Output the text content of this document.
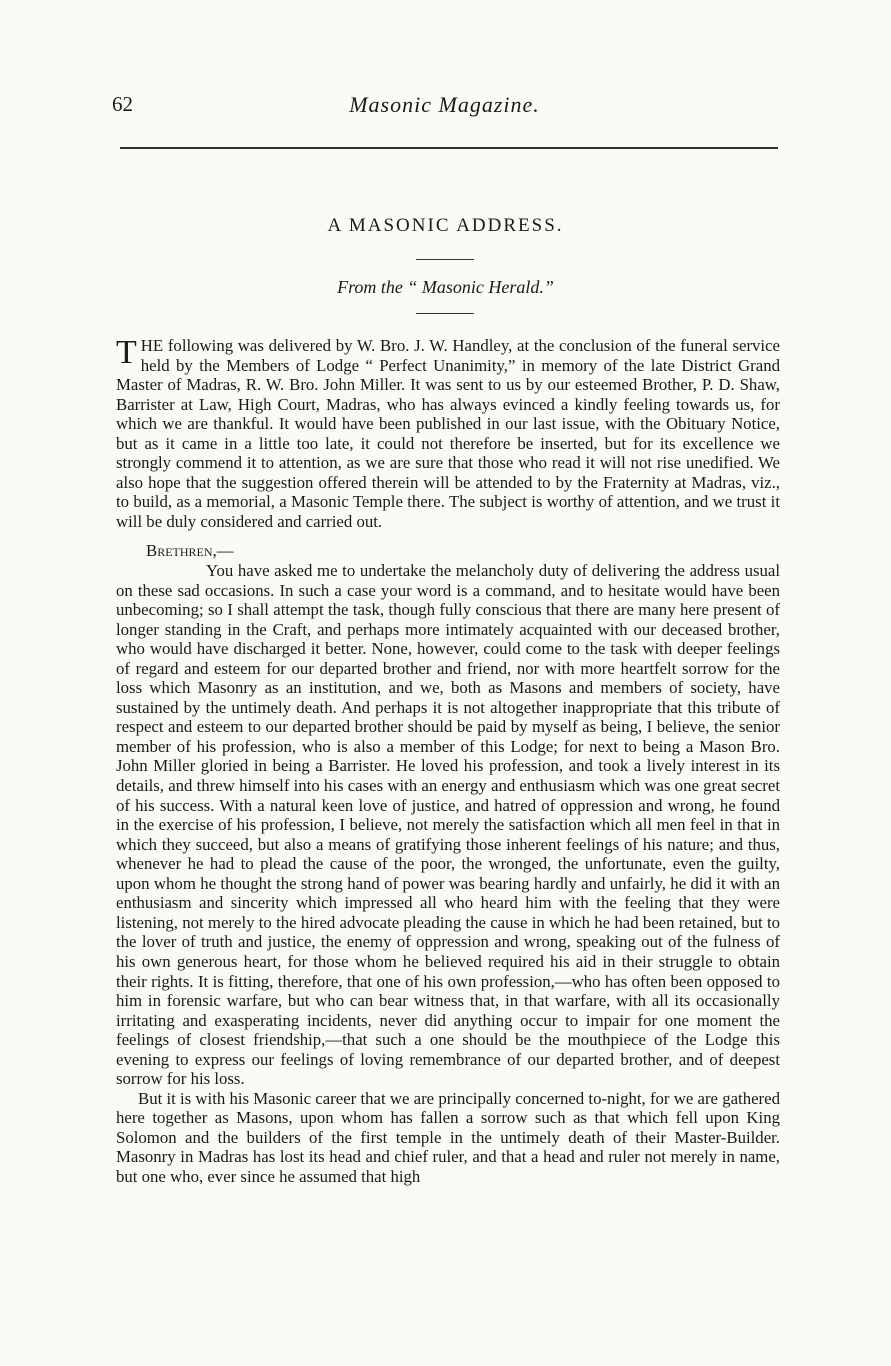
62	Masonic Magazine.
A MASONIC ADDRESS.
From the “ Masonic Herald.”

THE following was delivered by W. Bro. J. W. Handley, at the conclusion of the funeral service held by the Members of Lodge “ Perfect Unanimity,” in memory of the late District Grand Master of Madras, R. W. Bro. John Miller. It was sent to us by our esteemed Brother, P. D. Shaw, Barrister at Law, High Court, Madras, who has always evinced a kindly feeling towards us, for which we are thankful. It would have been published in our last issue, with the Obituary Notice, but as it came in a little too late, it could not therefore be inserted, but for its excellence we strongly commend it to attention, as we are sure that those who read it will not rise unedified. We also hope that the suggestion offered therein will be attended to by the Fraternity at Madras, viz., to build, as a memorial, a Masonic Temple there. The subject is worthy of attention, and we trust it will be duly considered and carried out.

Brethren,—

You have asked me to undertake the melancholy duty of delivering the address usual on these sad occasions. In such a case your word is a command, and to hesitate would have been unbecoming; so I shall attempt the task, though fully conscious that there are many here present of longer standing in the Craft, and perhaps more intimately acquainted with our deceased brother, who would have discharged it better. None, however, could come to the task with deeper feelings of regard and esteem for our departed brother and friend, nor with more heartfelt sorrow for the loss which Masonry as an institution, and we, both as Masons and members of society, have sustained by the untimely death. And perhaps it is not altogether inappropriate that this tribute of respect and esteem to our departed brother should be paid by myself as being, I believe, the senior member of his profession, who is also a member of this Lodge; for next to being a Mason Bro. John Miller gloried in being a Barrister. He loved his profession, and took a lively interest in its details, and threw himself into his cases with an energy and enthusiasm which was one great secret of his success. With a natural keen love of justice, and hatred of oppression and wrong, he found in the exercise of his profession, I believe, not merely the satisfaction which all men feel in that in which they succeed, but also a means of gratifying those inherent feelings of his nature; and thus, whenever he had to plead the cause of the poor, the wronged, the unfortunate, even the guilty, upon whom he thought the strong hand of power was bearing hardly and unfairly, he did it with an enthusiasm and sincerity which impressed all who heard him with the feeling that they were listening, not merely to the hired advocate pleading the cause in which he had been retained, but to the lover of truth and justice, the enemy of oppression and wrong, speaking out of the fulness of his own generous heart, for those whom he believed required his aid in their struggle to obtain their rights. It is fitting, therefore, that one of his own profession,—who has often been opposed to him in forensic warfare, but who can bear witness that, in that warfare, with all its occasionally irritating and exasperating incidents, never did anything occur to impair for one moment the feelings of closest friendship,—that such a one should be the mouthpiece of the Lodge this evening to express our feelings of loving remembrance of our departed brother, and of deepest sorrow for his loss.

But it is with his Masonic career that we are principally concerned to-night, for we are gathered here together as Masons, upon whom has fallen a sorrow such as that which fell upon King Solomon and the builders of the first temple in the untimely death of their Master-Builder. Masonry in Madras has lost its head and chief ruler, and that a head and ruler not merely in name, but one who, ever since he assumed that high
